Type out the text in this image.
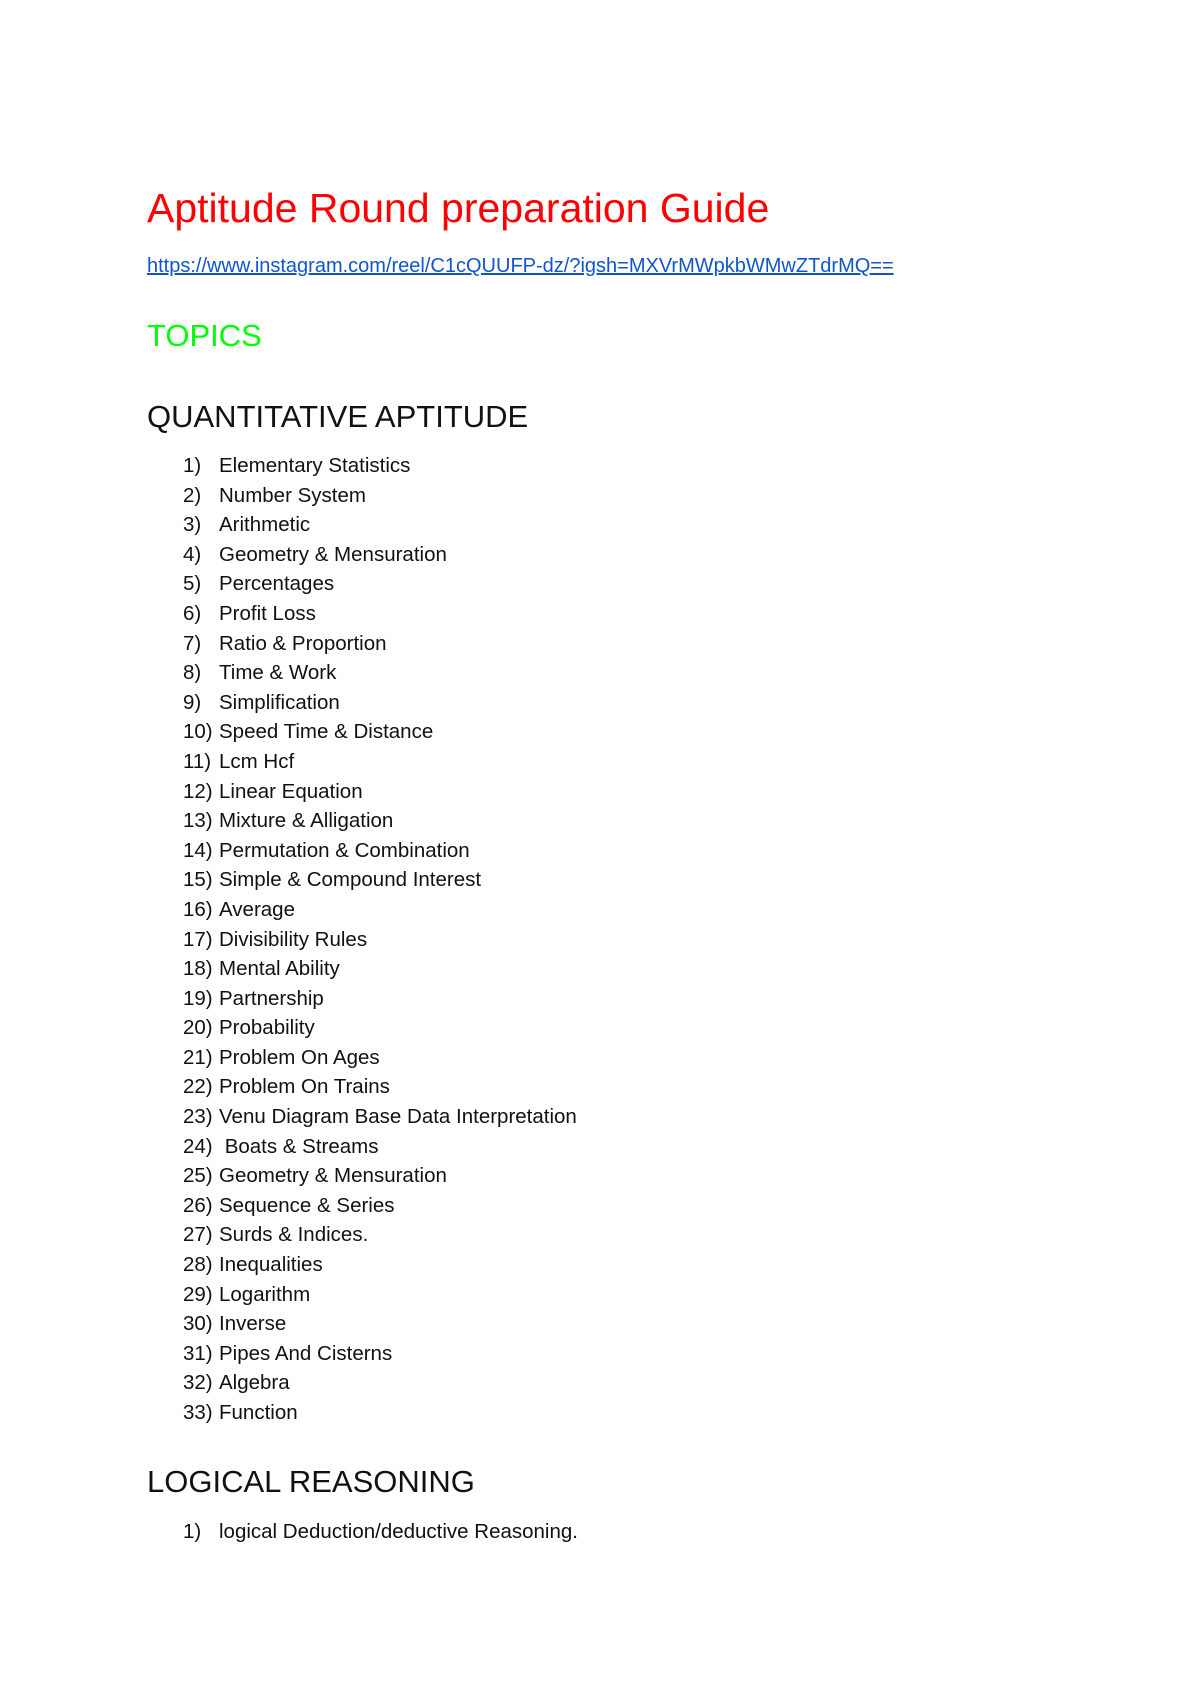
Aptitude Round preparation Guide
https://www.instagram.com/reel/C1cQUUFP-dz/?igsh=MXVrMWpkbWMwZTdrMQ==
TOPICS
QUANTITATIVE APTITUDE
1) Elementary Statistics
2) Number System
3) Arithmetic
4) Geometry & Mensuration
5) Percentages
6) Profit Loss
7) Ratio & Proportion
8) Time & Work
9) Simplification
10) Speed Time & Distance
11) Lcm Hcf
12) Linear Equation
13) Mixture & Alligation
14) Permutation & Combination
15) Simple & Compound Interest
16) Average
17) Divisibility Rules
18) Mental Ability
19) Partnership
20) Probability
21) Problem On Ages
22) Problem On Trains
23) Venu Diagram Base Data Interpretation
24) Boats & Streams
25) Geometry & Mensuration
26) Sequence & Series
27) Surds & Indices.
28) Inequalities
29) Logarithm
30) Inverse
31) Pipes And Cisterns
32) Algebra
33) Function
LOGICAL REASONING
1) logical Deduction/deductive Reasoning.
